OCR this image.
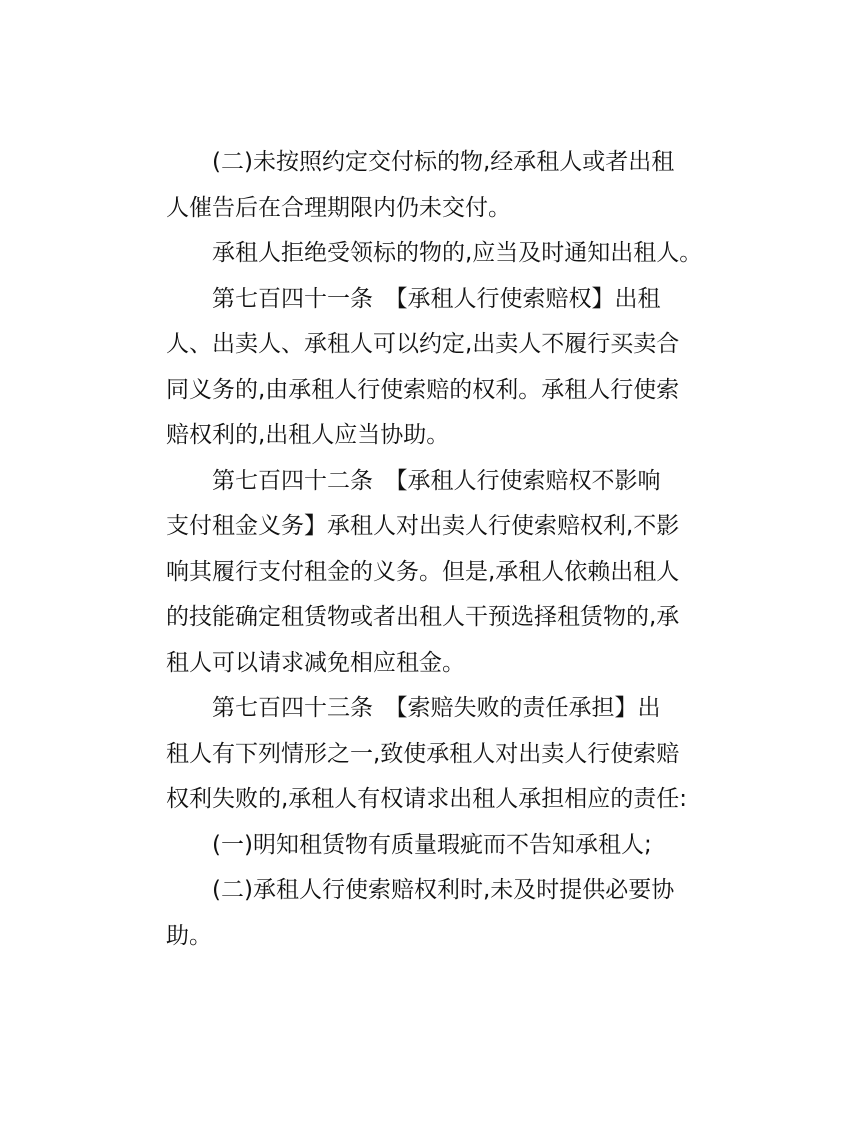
(二)未按照约定交付标的物,经承租人或者出租
人催告后在合理期限内仍未交付。
承租人拒绝受领标的物的,应当及时通知出租人。
第七百四十一条　【承租人行使索赔权】出租
人、出卖人、承租人可以约定,出卖人不履行买卖合
同义务的,由承租人行使索赔的权利。承租人行使索
赔权利的,出租人应当协助。
第七百四十二条　【承租人行使索赔权不影响
支付租金义务】承租人对出卖人行使索赔权利,不影
响其履行支付租金的义务。但是,承租人依赖出租人
的技能确定租赁物或者出租人干预选择租赁物的,承
租人可以请求减免相应租金。
第七百四十三条　【索赔失败的责任承担】出
租人有下列情形之一,致使承租人对出卖人行使索赔
权利失败的,承租人有权请求出租人承担相应的责任:
(一)明知租赁物有质量瑕疵而不告知承租人;
(二)承租人行使索赔权利时,未及时提供必要协
助。
